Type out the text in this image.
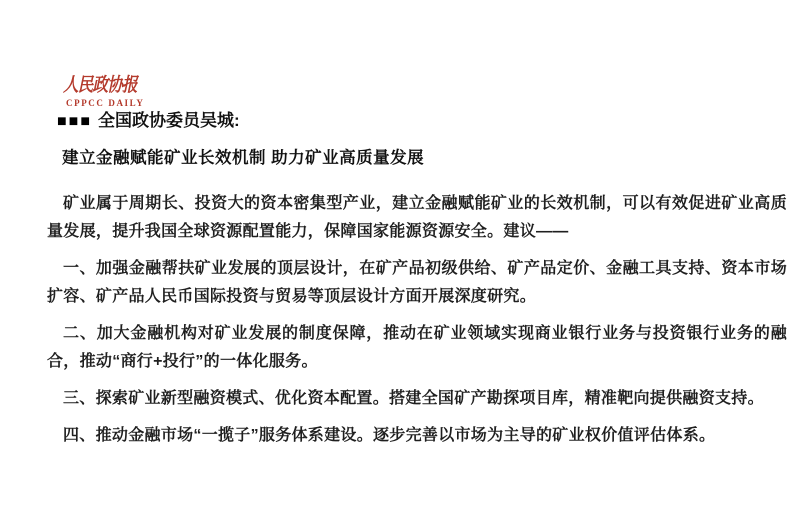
人民政协报
CPPCC DAILY
■■■ 全国政协委员吴城:
建立金融赋能矿业长效机制 助力矿业高质量发展

矿业属于周期长、投资大的资本密集型产业，建立金融赋能矿业的长效机制，可以有效促进矿业高质量发展，提升我国全球资源配置能力，保障国家能源资源安全。建议——

一、加强金融帮扶矿业发展的顶层设计，在矿产品初级供给、矿产品定价、金融工具支持、资本市场扩容、矿产品人民币国际投资与贸易等顶层设计方面开展深度研究。

二、加大金融机构对矿业发展的制度保障，推动在矿业领域实现商业银行业务与投资银行业务的融合，推动“商行+投行”的一体化服务。

三、探索矿业新型融资模式、优化资本配置。搭建全国矿产勘探项目库，精准靶向提供融资支持。

四、推动金融市场“一揽子”服务体系建设。逐步完善以市场为主导的矿业权价值评估体系。
